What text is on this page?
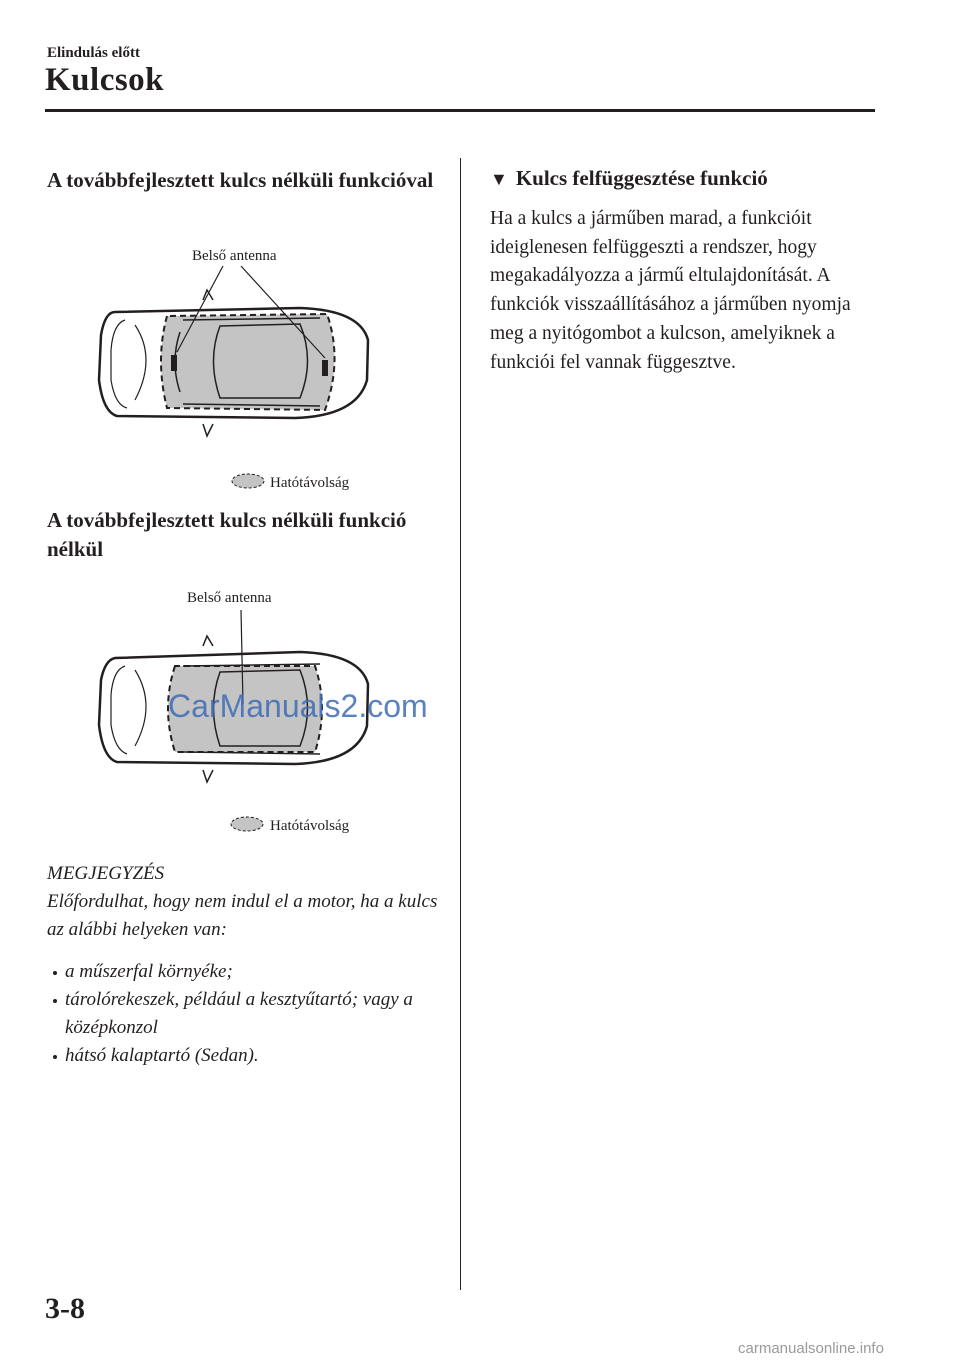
Elindulás előtt
Kulcsok
A továbbfejlesztett kulcs nélküli funkcióval
Belső antenna
Hatótávolság
A továbbfejlesztett kulcs nélküli funkció nélkül
Belső antenna
Hatótávolság
MEGJEGYZÉS
Előfordulhat, hogy nem indul el a motor, ha a kulcs az alábbi helyeken van:
a műszerfal környéke;
tárolórekeszek, például a kesztyűtartó; vagy a középkonzol
hátsó kalaptartó (Sedan).
▼ Kulcs felfüggesztése funkció
Ha a kulcs a járműben marad, a funkcióit ideiglenesen felfüggeszti a rendszer, hogy megakadályozza a jármű eltulajdonítását. A funkciók visszaállításához a járműben nyomja meg a nyitógombot a kulcson, amelyiknek a funkciói fel vannak függesztve.
CarManuals2.com
3-8
carmanualsonline.info
